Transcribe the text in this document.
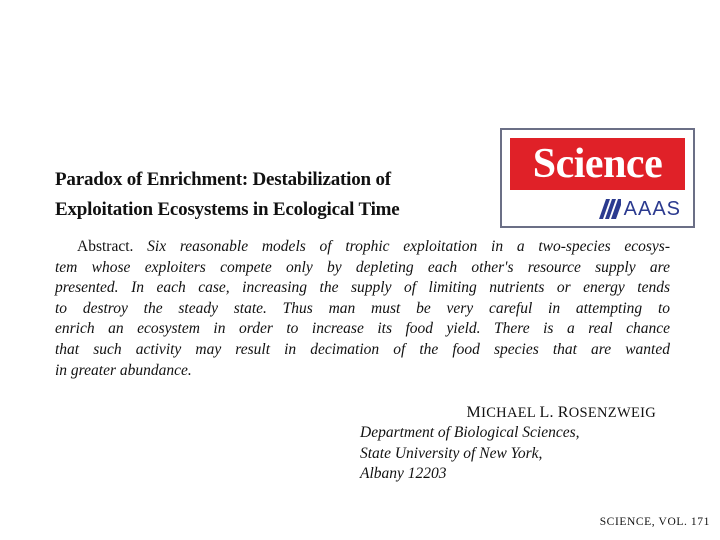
Paradox of Enrichment: Destabilization of
Exploitation Ecosystems in Ecological Time
Science
AAAS

Abstract. Six reasonable models of trophic exploitation in a two-species ecosys-
tem whose exploiters compete only by depleting each other's resource supply are
presented. In each case, increasing the supply of limiting nutrients or energy tends
to destroy the steady state. Thus man must be very careful in attempting to
enrich an ecosystem in order to increase its food yield. There is a real chance
that such activity may result in decimation of the food species that are wanted
in greater abundance.

MICHAEL L. ROSENZWEIG
Department of Biological Sciences,
State University of New York,
Albany 12203
SCIENCE, VOL. 171
